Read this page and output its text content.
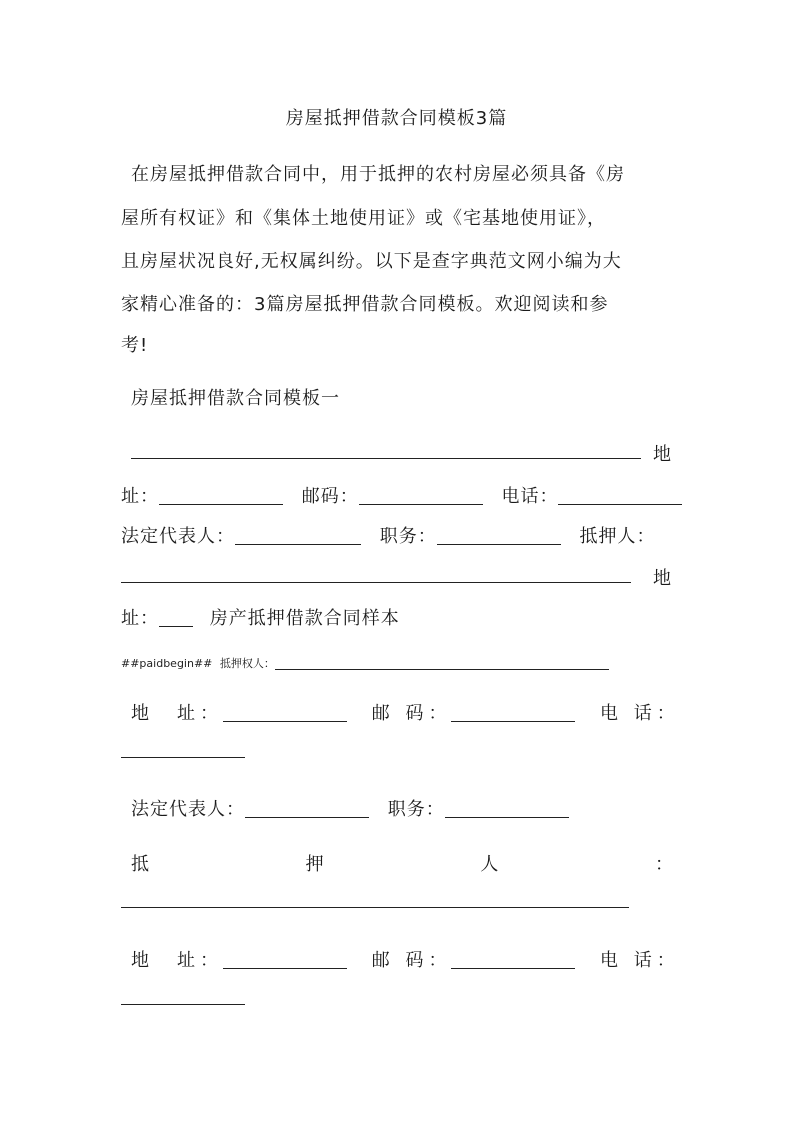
房屋抵押借款合同模板3篇
在房屋抵押借款合同中，用于抵押的农村房屋必须具备《房
屋所有权证》和《集体土地使用证》或《宅基地使用证》，
且房屋状况良好,无权属纠纷。以下是查字典范文网小编为大
家精心准备的：3篇房屋抵押借款合同模板。欢迎阅读和参
考!
房屋抵押借款合同模板一
地
址：	邮码：	电话：
法定代表人：	职务：	抵押人：
地
址：	房产抵押借款合同样本
##paidbegin## 抵押权人：
地　址：	邮 码：	电 话：
法定代表人：	职务：
抵	押	人	：
地　址：	邮 码：	电 话：
